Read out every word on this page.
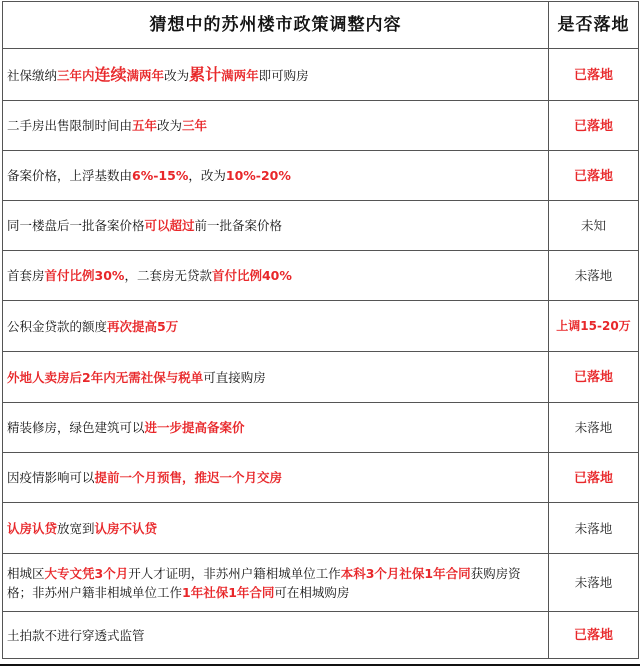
猜想中的苏州楼市政策调整内容	是否落地
社保缴纳三年内连续满两年改为累计满两年即可购房	已落地
二手房出售限制时间由五年改为三年	已落地
备案价格，上浮基数由6%-15%，改为10%-20%	已落地
同一楼盘后一批备案价格可以超过前一批备案价格	未知
首套房首付比例30%，二套房无贷款首付比例40%	未落地
公积金贷款的额度再次提高5万	上调15-20万
外地人卖房后2年内无需社保与税单可直接购房	已落地
精装修房，绿色建筑可以进一步提高备案价	未落地
因疫情影响可以提前一个月预售，推迟一个月交房	已落地
认房认贷放宽到认房不认贷	未落地
相城区大专文凭3个月开人才证明，非苏州户籍相城单位工作本科3个月社保1年合同获购房资格；非苏州户籍非相城单位工作1年社保1年合同可在相城购房	未落地
土拍款不进行穿透式监管	已落地
